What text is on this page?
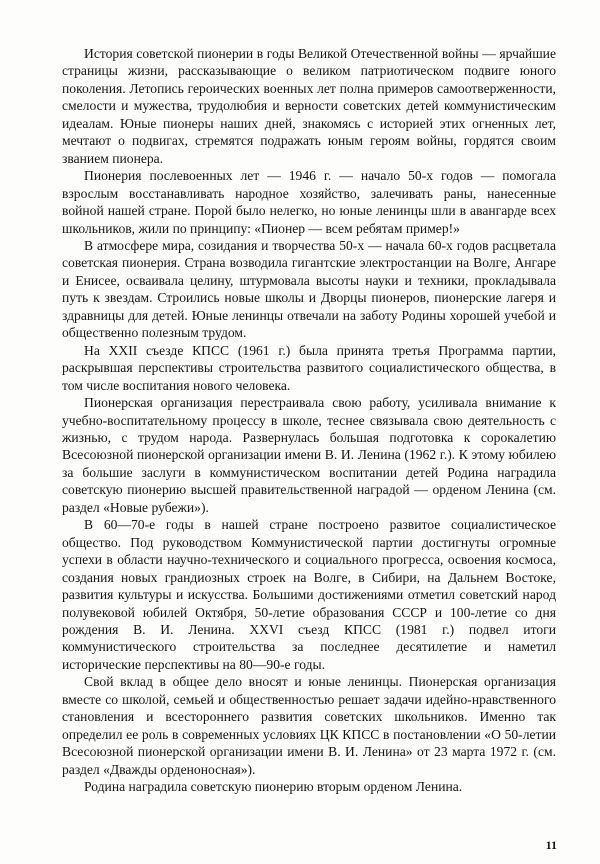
История советской пионерии в годы Великой Отечественной войны — ярчайшие страницы жизни, рассказывающие о великом патриотическом подвиге юного поколения. Летопись героических военных лет полна примеров самоотверженности, смелости и мужества, трудолюбия и верности советских детей коммунистическим идеалам. Юные пионеры наших дней, знакомясь с историей этих огненных лет, мечтают о подвигах, стремятся подражать юным героям войны, гордятся своим званием пионера.

Пионерия послевоенных лет — 1946 г. — начало 50-х годов — помогала взрослым восстанавливать народное хозяйство, залечивать раны, нанесенные войной нашей стране. Порой было нелегко, но юные ленинцы шли в авангарде всех школьников, жили по принципу: «Пионер — всем ребятам пример!»

В атмосфере мира, созидания и творчества 50-х — начала 60-х годов расцветала советская пионерия. Страна возводила гигантские электростанции на Волге, Ангаре и Енисее, осваивала целину, штурмовала высоты науки и техники, прокладывала путь к звездам. Строились новые школы и Дворцы пионеров, пионерские лагеря и здравницы для детей. Юные ленинцы отвечали на заботу Родины хорошей учебой и общественно полезным трудом.

На XXII съезде КПСС (1961 г.) была принята третья Программа партии, раскрывшая перспективы строительства развитого социалистического общества, в том числе воспитания нового человека.

Пионерская организация перестраивала свою работу, усиливала внимание к учебно-воспитательному процессу в школе, теснее связывала свою деятельность с жизнью, с трудом народа. Развернулась большая подготовка к сорокалетию Всесоюзной пионерской организации имени В. И. Ленина (1962 г.). К этому юбилею за большие заслуги в коммунистическом воспитании детей Родина наградила советскую пионерию высшей правительственной наградой — орденом Ленина (см. раздел «Новые рубежи»).

В 60—70-е годы в нашей стране построено развитое социалистическое общество. Под руководством Коммунистической партии достигнуты огромные успехи в области научно-технического и социального прогресса, освоения космоса, создания новых грандиозных строек на Волге, в Сибири, на Дальнем Востоке, развития культуры и искусства. Большими достижениями отметил советский народ полувековой юбилей Октября, 50-летие образования СССР и 100-летие со дня рождения В. И. Ленина. XXVI съезд КПСС (1981 г.) подвел итоги коммунистического строительства за последнее десятилетие и наметил исторические перспективы на 80—90-е годы.

Свой вклад в общее дело вносят и юные ленинцы. Пионерская организация вместе со школой, семьей и общественностью решает задачи идейно-нравственного становления и всестороннего развития советских школьников. Именно так определил ее роль в современных условиях ЦК КПСС в постановлении «О 50-летии Всесоюзной пионерской организации имени В. И. Ленина» от 23 марта 1972 г. (см. раздел «Дважды орденоносная»).

Родина наградила советскую пионерию вторым орденом Ленина.

11
